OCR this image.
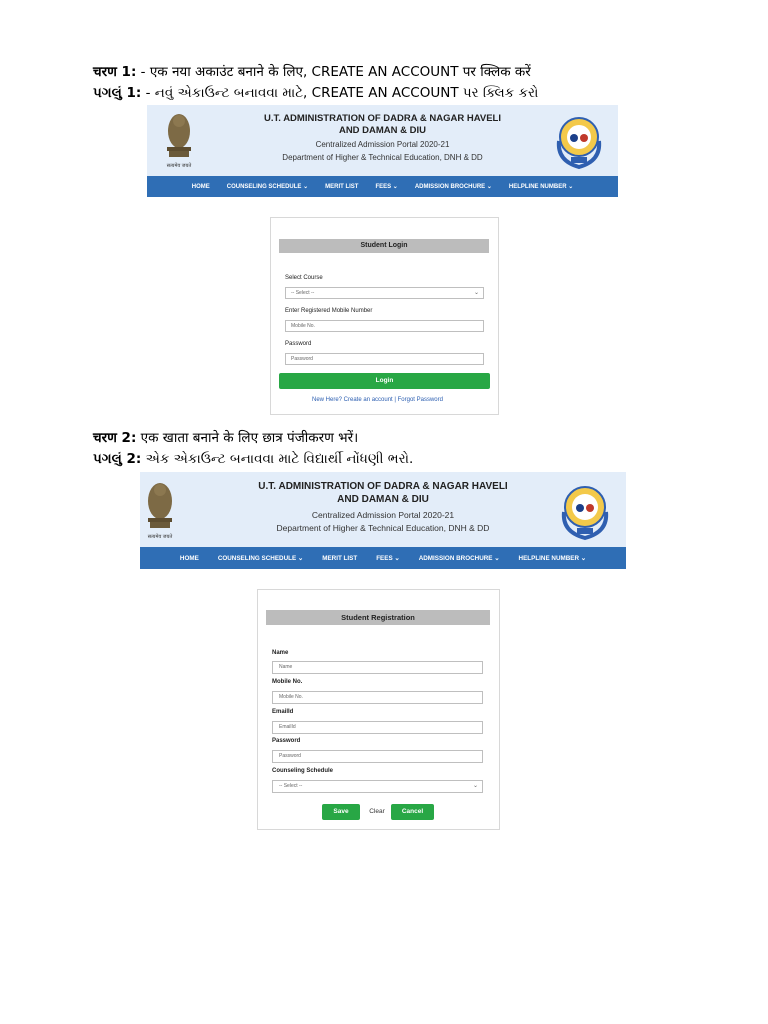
चरण 1: - एक नया अकाउंट बनाने के लिए, CREATE AN ACCOUNT पर क्लिक करें
પગલું 1: - નવું એકાઉન્ટ બનાવવા માટે, CREATE AN ACCOUNT પર ક્લિક કરો
सत्यमेव जयते
U.T. ADMINISTRATION OF DADRA & NAGAR HAVELI
AND DAMAN & DIU
Centralized Admission Portal 2020-21
Department of Higher & Technical Education, DNH & DD
HOME	COUNSELING SCHEDULE ⌄	MERIT LIST	FEES ⌄	ADMISSION BROCHURE ⌄	HELPLINE NUMBER ⌄
Student Login
Select Course
-- Select --	⌄
Enter Registered Mobile Number
Mobile No.
Password
Password
Login
New Here? Create an account | Forgot Password
चरण 2: एक खाता बनाने के लिए छात्र पंजीकरण भरें।
પગલું 2: એક એકાઉન્ટ બનાવવા માટે વિદ્યાર્થી નોંધણી ભરો.
सत्यमेव जयते
U.T. ADMINISTRATION OF DADRA & NAGAR HAVELI
AND DAMAN & DIU
Centralized Admission Portal 2020-21
Department of Higher & Technical Education, DNH & DD
HOME	COUNSELING SCHEDULE ⌄	MERIT LIST	FEES ⌄	ADMISSION BROCHURE ⌄	HELPLINE NUMBER ⌄
Student Registration
Name
Name
Mobile No.
Mobile No.
EmailId
EmailId
Password
Password
Counseling Schedule
-- Select --	⌄
Save	Clear	Cancel
